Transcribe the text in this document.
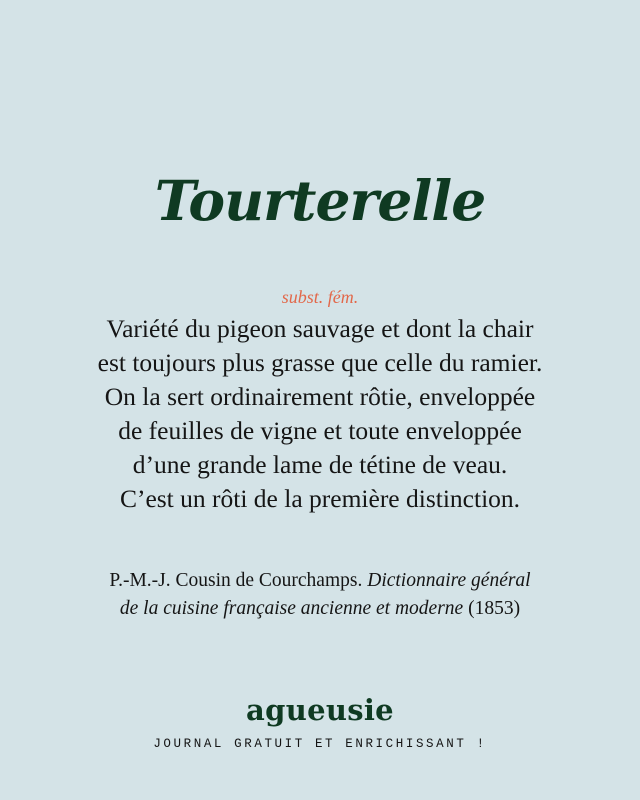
Tourterelle
subst. fém.
Variété du pigeon sauvage et dont la chair
est toujours plus grasse que celle du ramier.
On la sert ordinairement rôtie, enveloppée
de feuilles de vigne et toute enveloppée
d’une grande lame de tétine de veau.
C’est un rôti de la première distinction.
P.-M.-J. Cousin de Courchamps. Dictionnaire général
de la cuisine française ancienne et moderne (1853)
agueusie
JOURNAL GRATUIT ET ENRICHISSANT !
